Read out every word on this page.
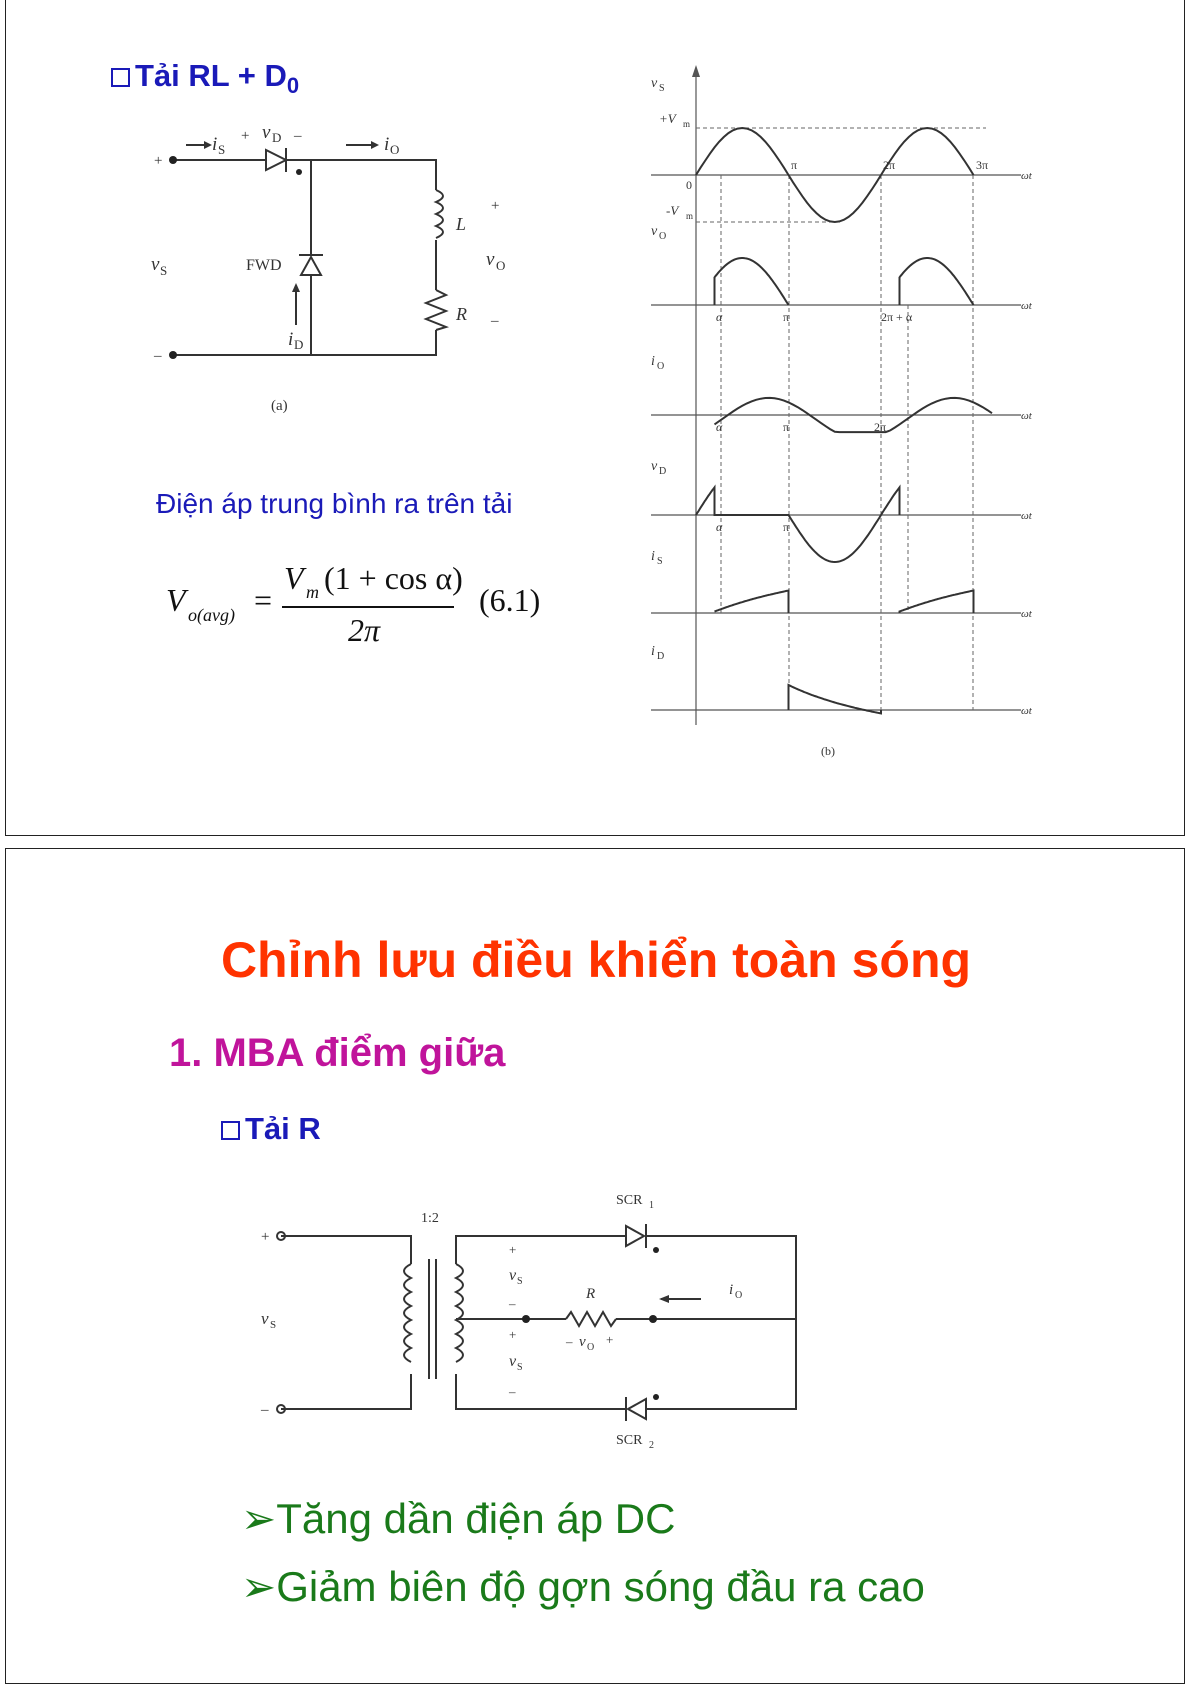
Tải RL + $D_0$
+
–
i S
+ v D –	i O
v S	FWD
i D
L
R
+
v O
–
(a)
Điện áp trung bình ra trên tải
V o(avg) =
V m (1 + cos α)
2π
(6.1)
v S
+V m
-V m
0
π	2π	3π
ωt
v O
α	π	2π + α
ωt
i O
α	π	2π
ωt
v D
α	π
ωt
i S
ωt
i D
ωt
(b)
Chỉnh lưu điều khiển toàn sóng
1. MBA điểm giữa
Tải R
+
–
v S
1:2
SCR 1
SCR 2
+
v S
–
+
v S
–
R
– v O
+
i O
➢Tăng dần điện áp DC
➢Giảm biên độ gợn sóng đầu ra cao
